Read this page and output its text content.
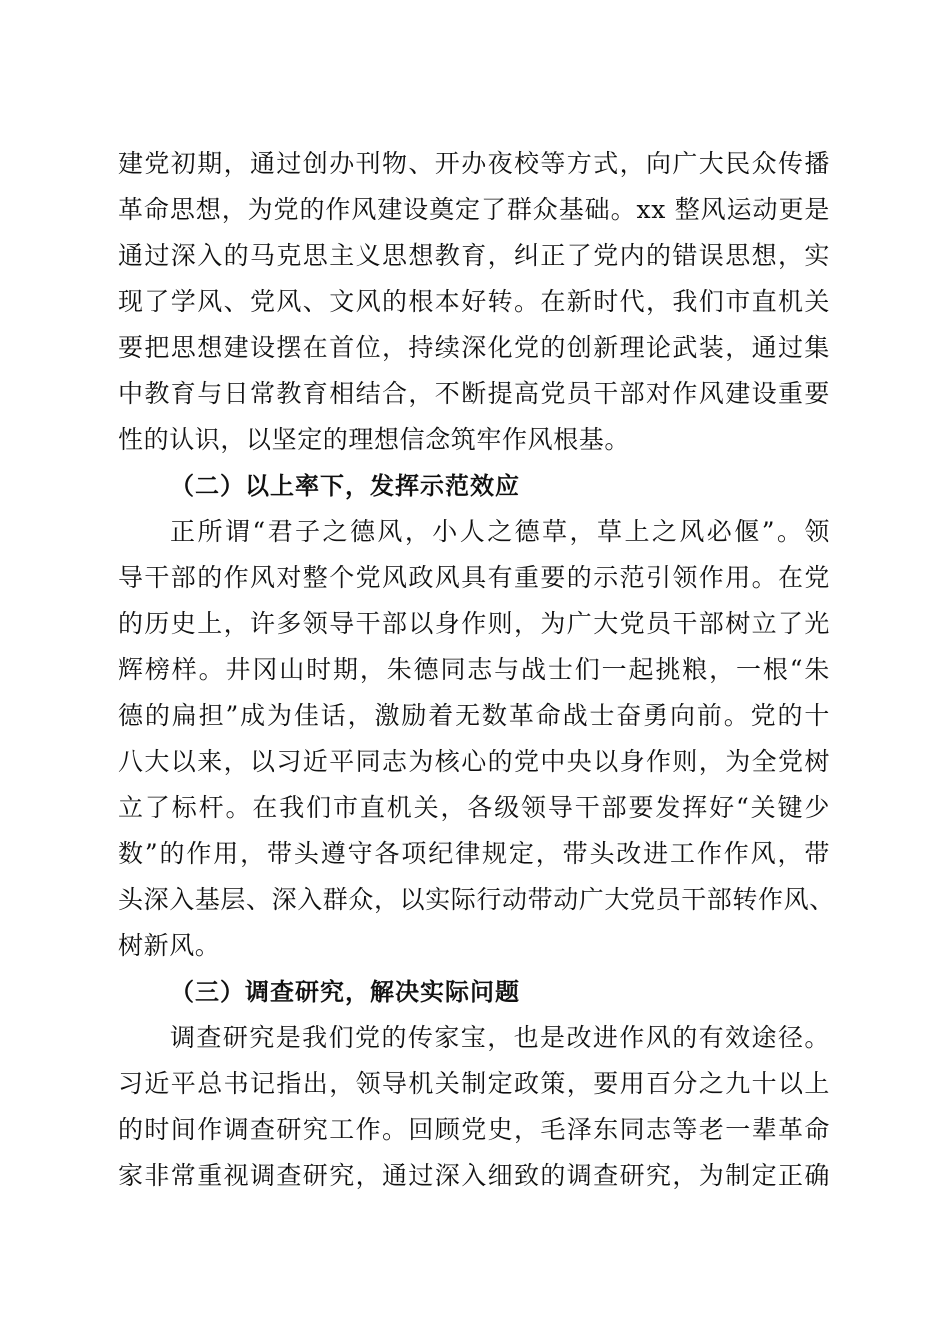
建党初期，通过创办刊物、开办夜校等方式，向广大民众传播
革命思想，为党的作风建设奠定了群众基础。xx 整风运动更是
通过深入的马克思主义思想教育，纠正了党内的错误思想，实
现了学风、党风、文风的根本好转。在新时代，我们市直机关
要把思想建设摆在首位，持续深化党的创新理论武装，通过集
中教育与日常教育相结合，不断提高党员干部对作风建设重要
性的认识，以坚定的理想信念筑牢作风根基。
（二）以上率下，发挥示范效应
正所谓“君子之德风，小人之德草，草上之风必偃”。领
导干部的作风对整个党风政风具有重要的示范引领作用。在党
的历史上，许多领导干部以身作则，为广大党员干部树立了光
辉榜样。井冈山时期，朱德同志与战士们一起挑粮，一根“朱
德的扁担”成为佳话，激励着无数革命战士奋勇向前。党的十
八大以来，以习近平同志为核心的党中央以身作则，为全党树
立了标杆。在我们市直机关，各级领导干部要发挥好“关键少
数”的作用，带头遵守各项纪律规定，带头改进工作作风，带
头深入基层、深入群众，以实际行动带动广大党员干部转作风、
树新风。
（三）调查研究，解决实际问题
调查研究是我们党的传家宝，也是改进作风的有效途径。
习近平总书记指出，领导机关制定政策，要用百分之九十以上
的时间作调查研究工作。回顾党史，毛泽东同志等老一辈革命
家非常重视调查研究，通过深入细致的调查研究，为制定正确
